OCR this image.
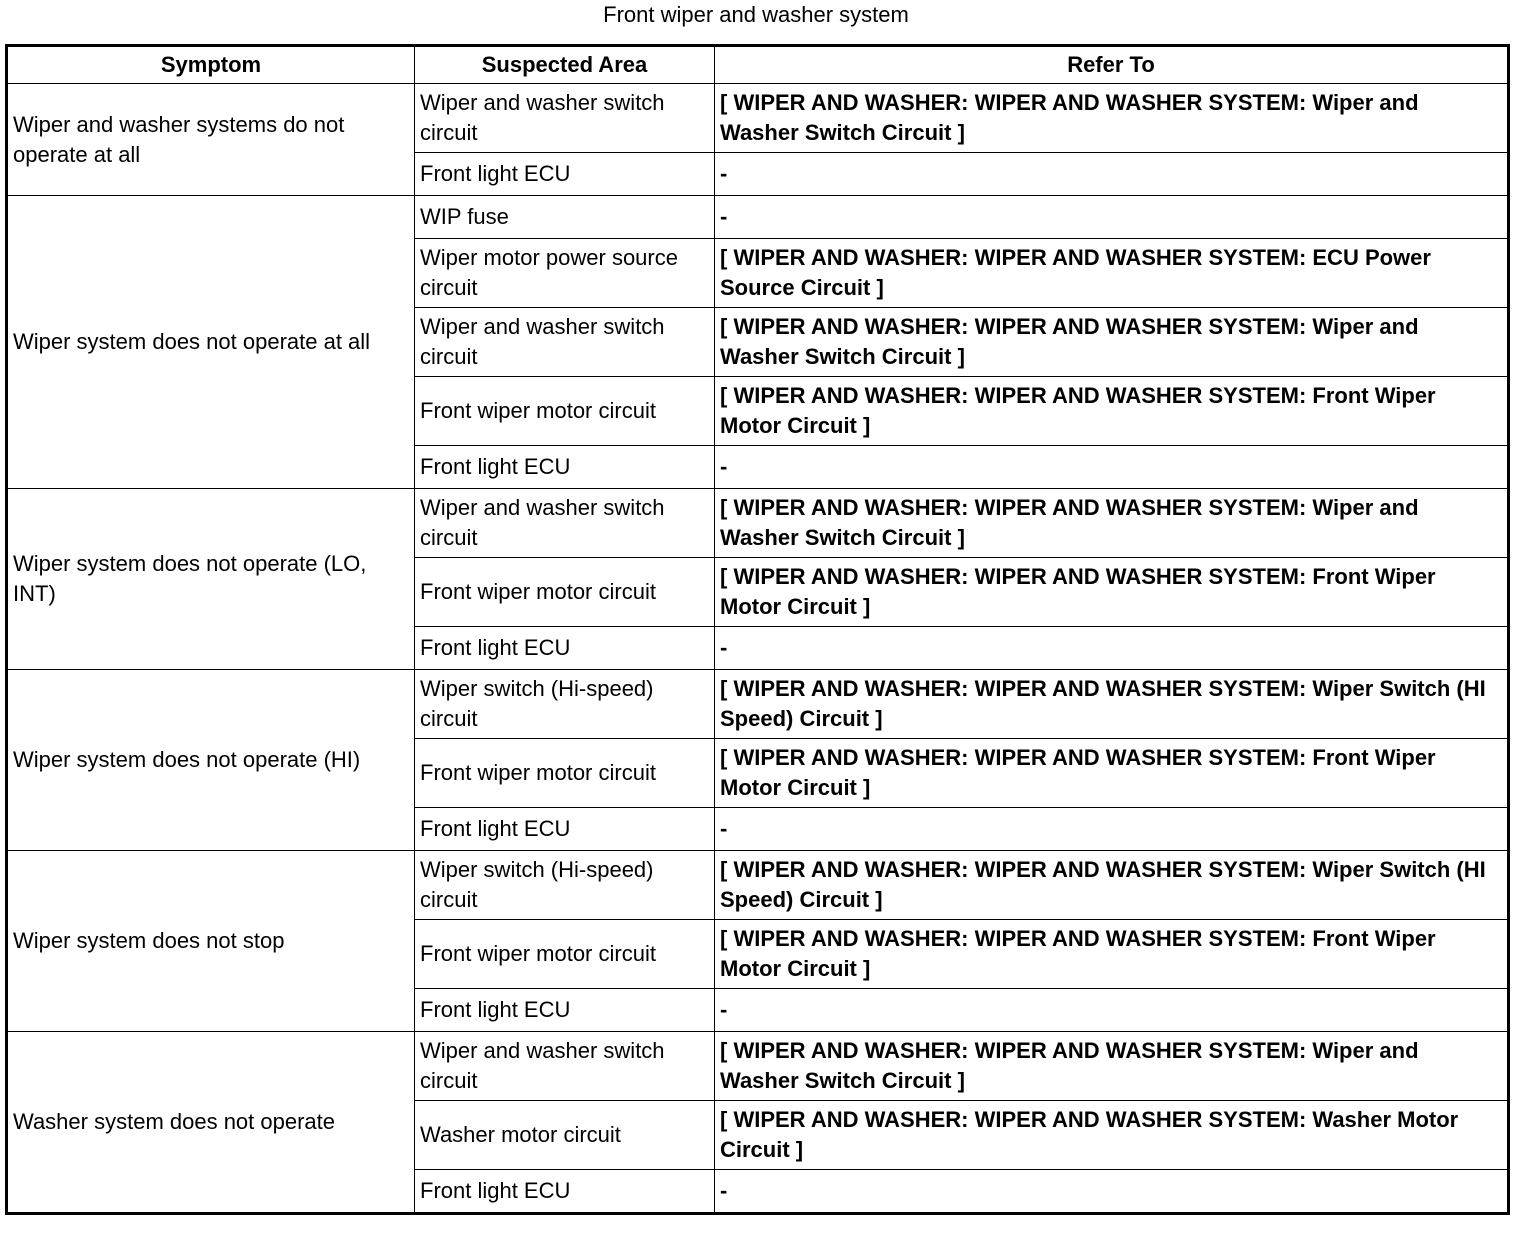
Front wiper and washer system
Symptom	Suspected Area	Refer To
Wiper and washer systems do not operate at all	Wiper and washer switch circuit	[ WIPER AND WASHER: WIPER AND WASHER SYSTEM: Wiper and Washer Switch Circuit ]
	Front light ECU	-
Wiper system does not operate at all	WIP fuse	-
	Wiper motor power source circuit	[ WIPER AND WASHER: WIPER AND WASHER SYSTEM: ECU Power Source Circuit ]
	Wiper and washer switch circuit	[ WIPER AND WASHER: WIPER AND WASHER SYSTEM: Wiper and Washer Switch Circuit ]
	Front wiper motor circuit	[ WIPER AND WASHER: WIPER AND WASHER SYSTEM: Front Wiper Motor Circuit ]
	Front light ECU	-
Wiper system does not operate (LO, INT)	Wiper and washer switch circuit	[ WIPER AND WASHER: WIPER AND WASHER SYSTEM: Wiper and Washer Switch Circuit ]
	Front wiper motor circuit	[ WIPER AND WASHER: WIPER AND WASHER SYSTEM: Front Wiper Motor Circuit ]
	Front light ECU	-
Wiper system does not operate (HI)	Wiper switch (Hi-speed) circuit	[ WIPER AND WASHER: WIPER AND WASHER SYSTEM: Wiper Switch (HI Speed) Circuit ]
	Front wiper motor circuit	[ WIPER AND WASHER: WIPER AND WASHER SYSTEM: Front Wiper Motor Circuit ]
	Front light ECU	-
Wiper system does not stop	Wiper switch (Hi-speed) circuit	[ WIPER AND WASHER: WIPER AND WASHER SYSTEM: Wiper Switch (HI Speed) Circuit ]
	Front wiper motor circuit	[ WIPER AND WASHER: WIPER AND WASHER SYSTEM: Front Wiper Motor Circuit ]
	Front light ECU	-
Washer system does not operate	Wiper and washer switch circuit	[ WIPER AND WASHER: WIPER AND WASHER SYSTEM: Wiper and Washer Switch Circuit ]
	Washer motor circuit	[ WIPER AND WASHER: WIPER AND WASHER SYSTEM: Washer Motor Circuit ]
	Front light ECU	-
